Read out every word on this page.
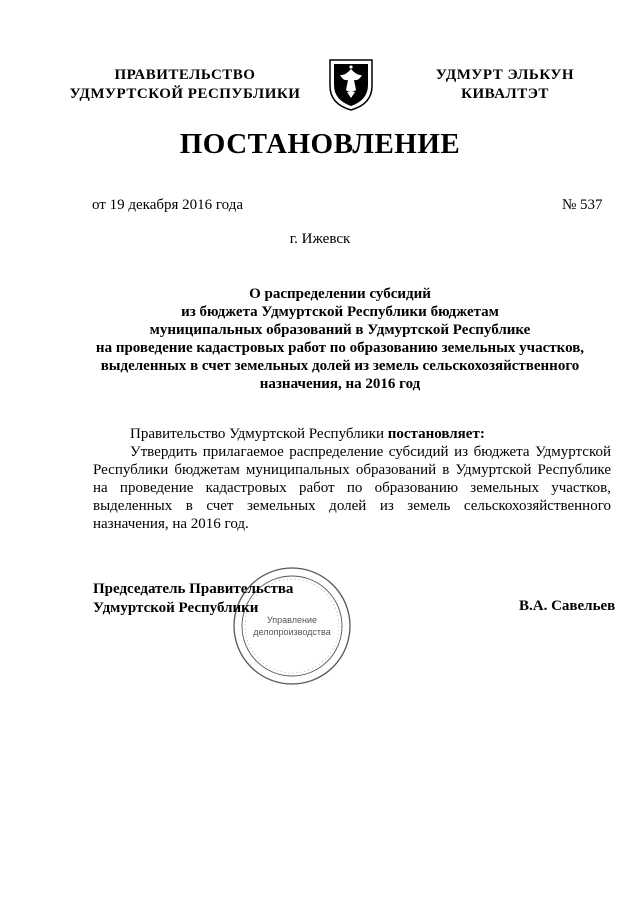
ПРАВИТЕЛЬСТВО
УДМУРТСКОЙ РЕСПУБЛИКИ
УДМУРТ ЭЛЬКУН
КИВАЛТЭТ
ПОСТАНОВЛЕНИЕ
от 19 декабря 2016 года	№ 537
г. Ижевск
О распределении субсидий
из бюджета Удмуртской Республики бюджетам
муниципальных образований в Удмуртской Республике
на проведение кадастровых работ по образованию земельных участков,
выделенных в счет земельных долей из земель сельскохозяйственного
назначения, на 2016 год
Правительство Удмуртской Республики постановляет:
Утвердить прилагаемое распределение субсидий из бюджета Удмуртской
Республики бюджетам муниципальных образований в Удмуртской Республике
на проведение кадастровых работ по образованию земельных участков,
выделенных в счет земельных долей из земель сельскохозяйственного
назначения, на 2016 год.
Управление
делопроизводства
Председатель Правительства
Удмуртской Республики	В.А. Савельев
